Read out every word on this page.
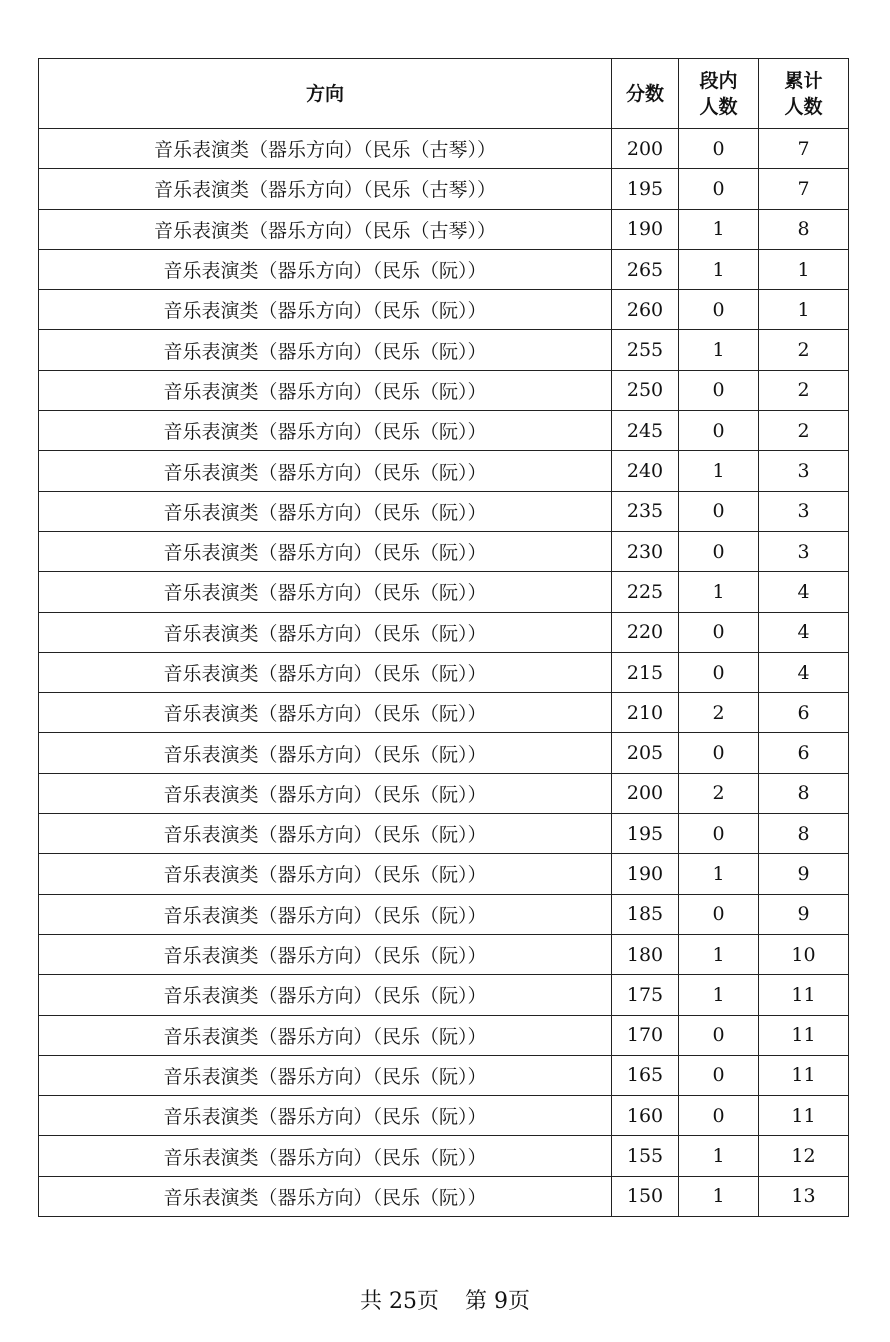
方向	分数	段内人数	累计人数
音乐表演类（器乐方向）（民乐（古琴））	200	0	7
音乐表演类（器乐方向）（民乐（古琴））	195	0	7
音乐表演类（器乐方向）（民乐（古琴））	190	1	8
音乐表演类（器乐方向）（民乐（阮））	265	1	1
音乐表演类（器乐方向）（民乐（阮））	260	0	1
音乐表演类（器乐方向）（民乐（阮））	255	1	2
音乐表演类（器乐方向）（民乐（阮））	250	0	2
音乐表演类（器乐方向）（民乐（阮））	245	0	2
音乐表演类（器乐方向）（民乐（阮））	240	1	3
音乐表演类（器乐方向）（民乐（阮））	235	0	3
音乐表演类（器乐方向）（民乐（阮））	230	0	3
音乐表演类（器乐方向）（民乐（阮））	225	1	4
音乐表演类（器乐方向）（民乐（阮））	220	0	4
音乐表演类（器乐方向）（民乐（阮））	215	0	4
音乐表演类（器乐方向）（民乐（阮））	210	2	6
音乐表演类（器乐方向）（民乐（阮））	205	0	6
音乐表演类（器乐方向）（民乐（阮））	200	2	8
音乐表演类（器乐方向）（民乐（阮））	195	0	8
音乐表演类（器乐方向）（民乐（阮））	190	1	9
音乐表演类（器乐方向）（民乐（阮））	185	0	9
音乐表演类（器乐方向）（民乐（阮））	180	1	10
音乐表演类（器乐方向）（民乐（阮））	175	1	11
音乐表演类（器乐方向）（民乐（阮））	170	0	11
音乐表演类（器乐方向）（民乐（阮））	165	0	11
音乐表演类（器乐方向）（民乐（阮））	160	0	11
音乐表演类（器乐方向）（民乐（阮））	155	1	12
音乐表演类（器乐方向）（民乐（阮））	150	1	13
共 25页 第 9页
